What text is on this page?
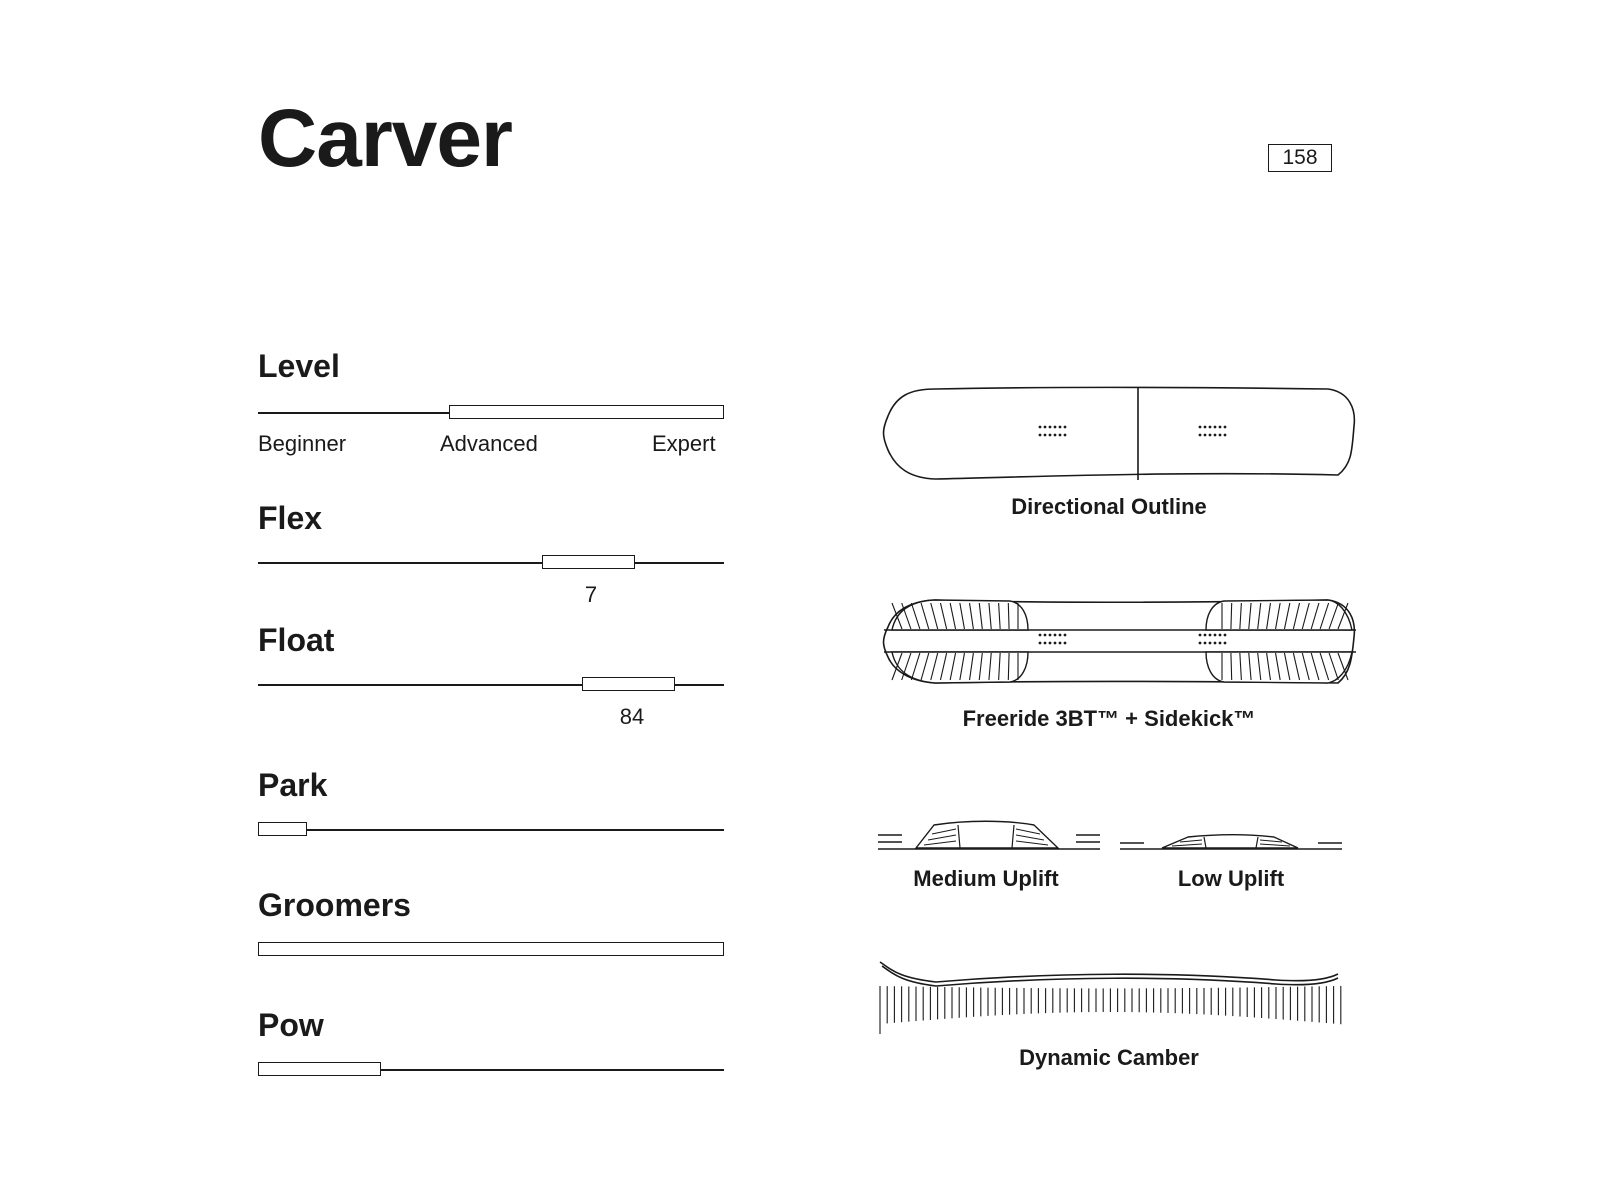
Carver	158
Level
Beginner	Advanced	Expert
Flex
7
Float
84
Park
Groomers
Pow
Directional Outline
Freeride 3BT™ + Sidekick™
Medium Uplift	Low Uplift
Dynamic Camber
